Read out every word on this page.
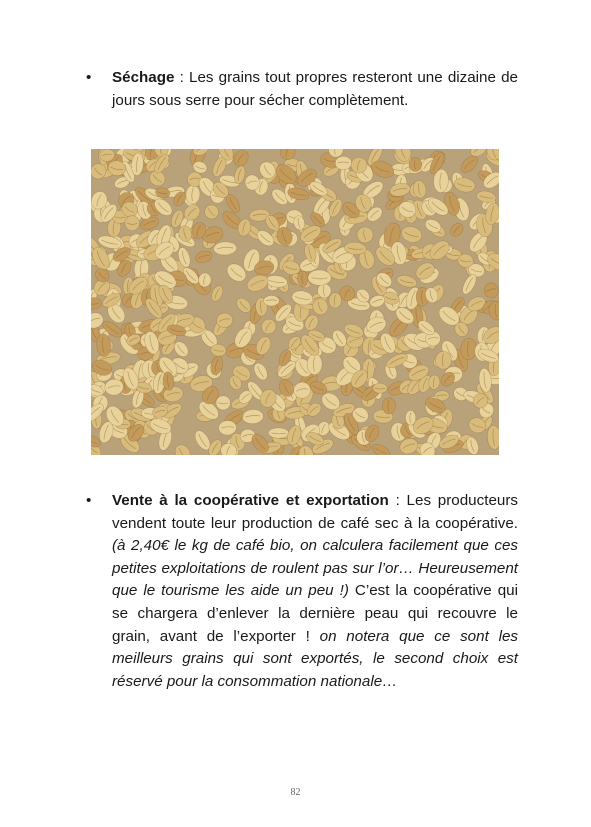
• Séchage : Les grains tout propres resteront une dizaine de jours sous serre pour sécher complètement.
• Vente à la coopérative et exportation : Les producteurs vendent toute leur production de café sec à la coopérative. (à 2,40€ le kg de café bio, on calculera facilement que ces petites exploitations de roulent pas sur l’or… Heureusement que le tourisme les aide un peu !) C’est la coopérative qui se chargera d’enlever la dernière peau qui recouvre le grain, avant de l’exporter ! on notera que ce sont les meilleurs grains qui sont exportés, le second choix est réservé pour la consommation nationale…
82
